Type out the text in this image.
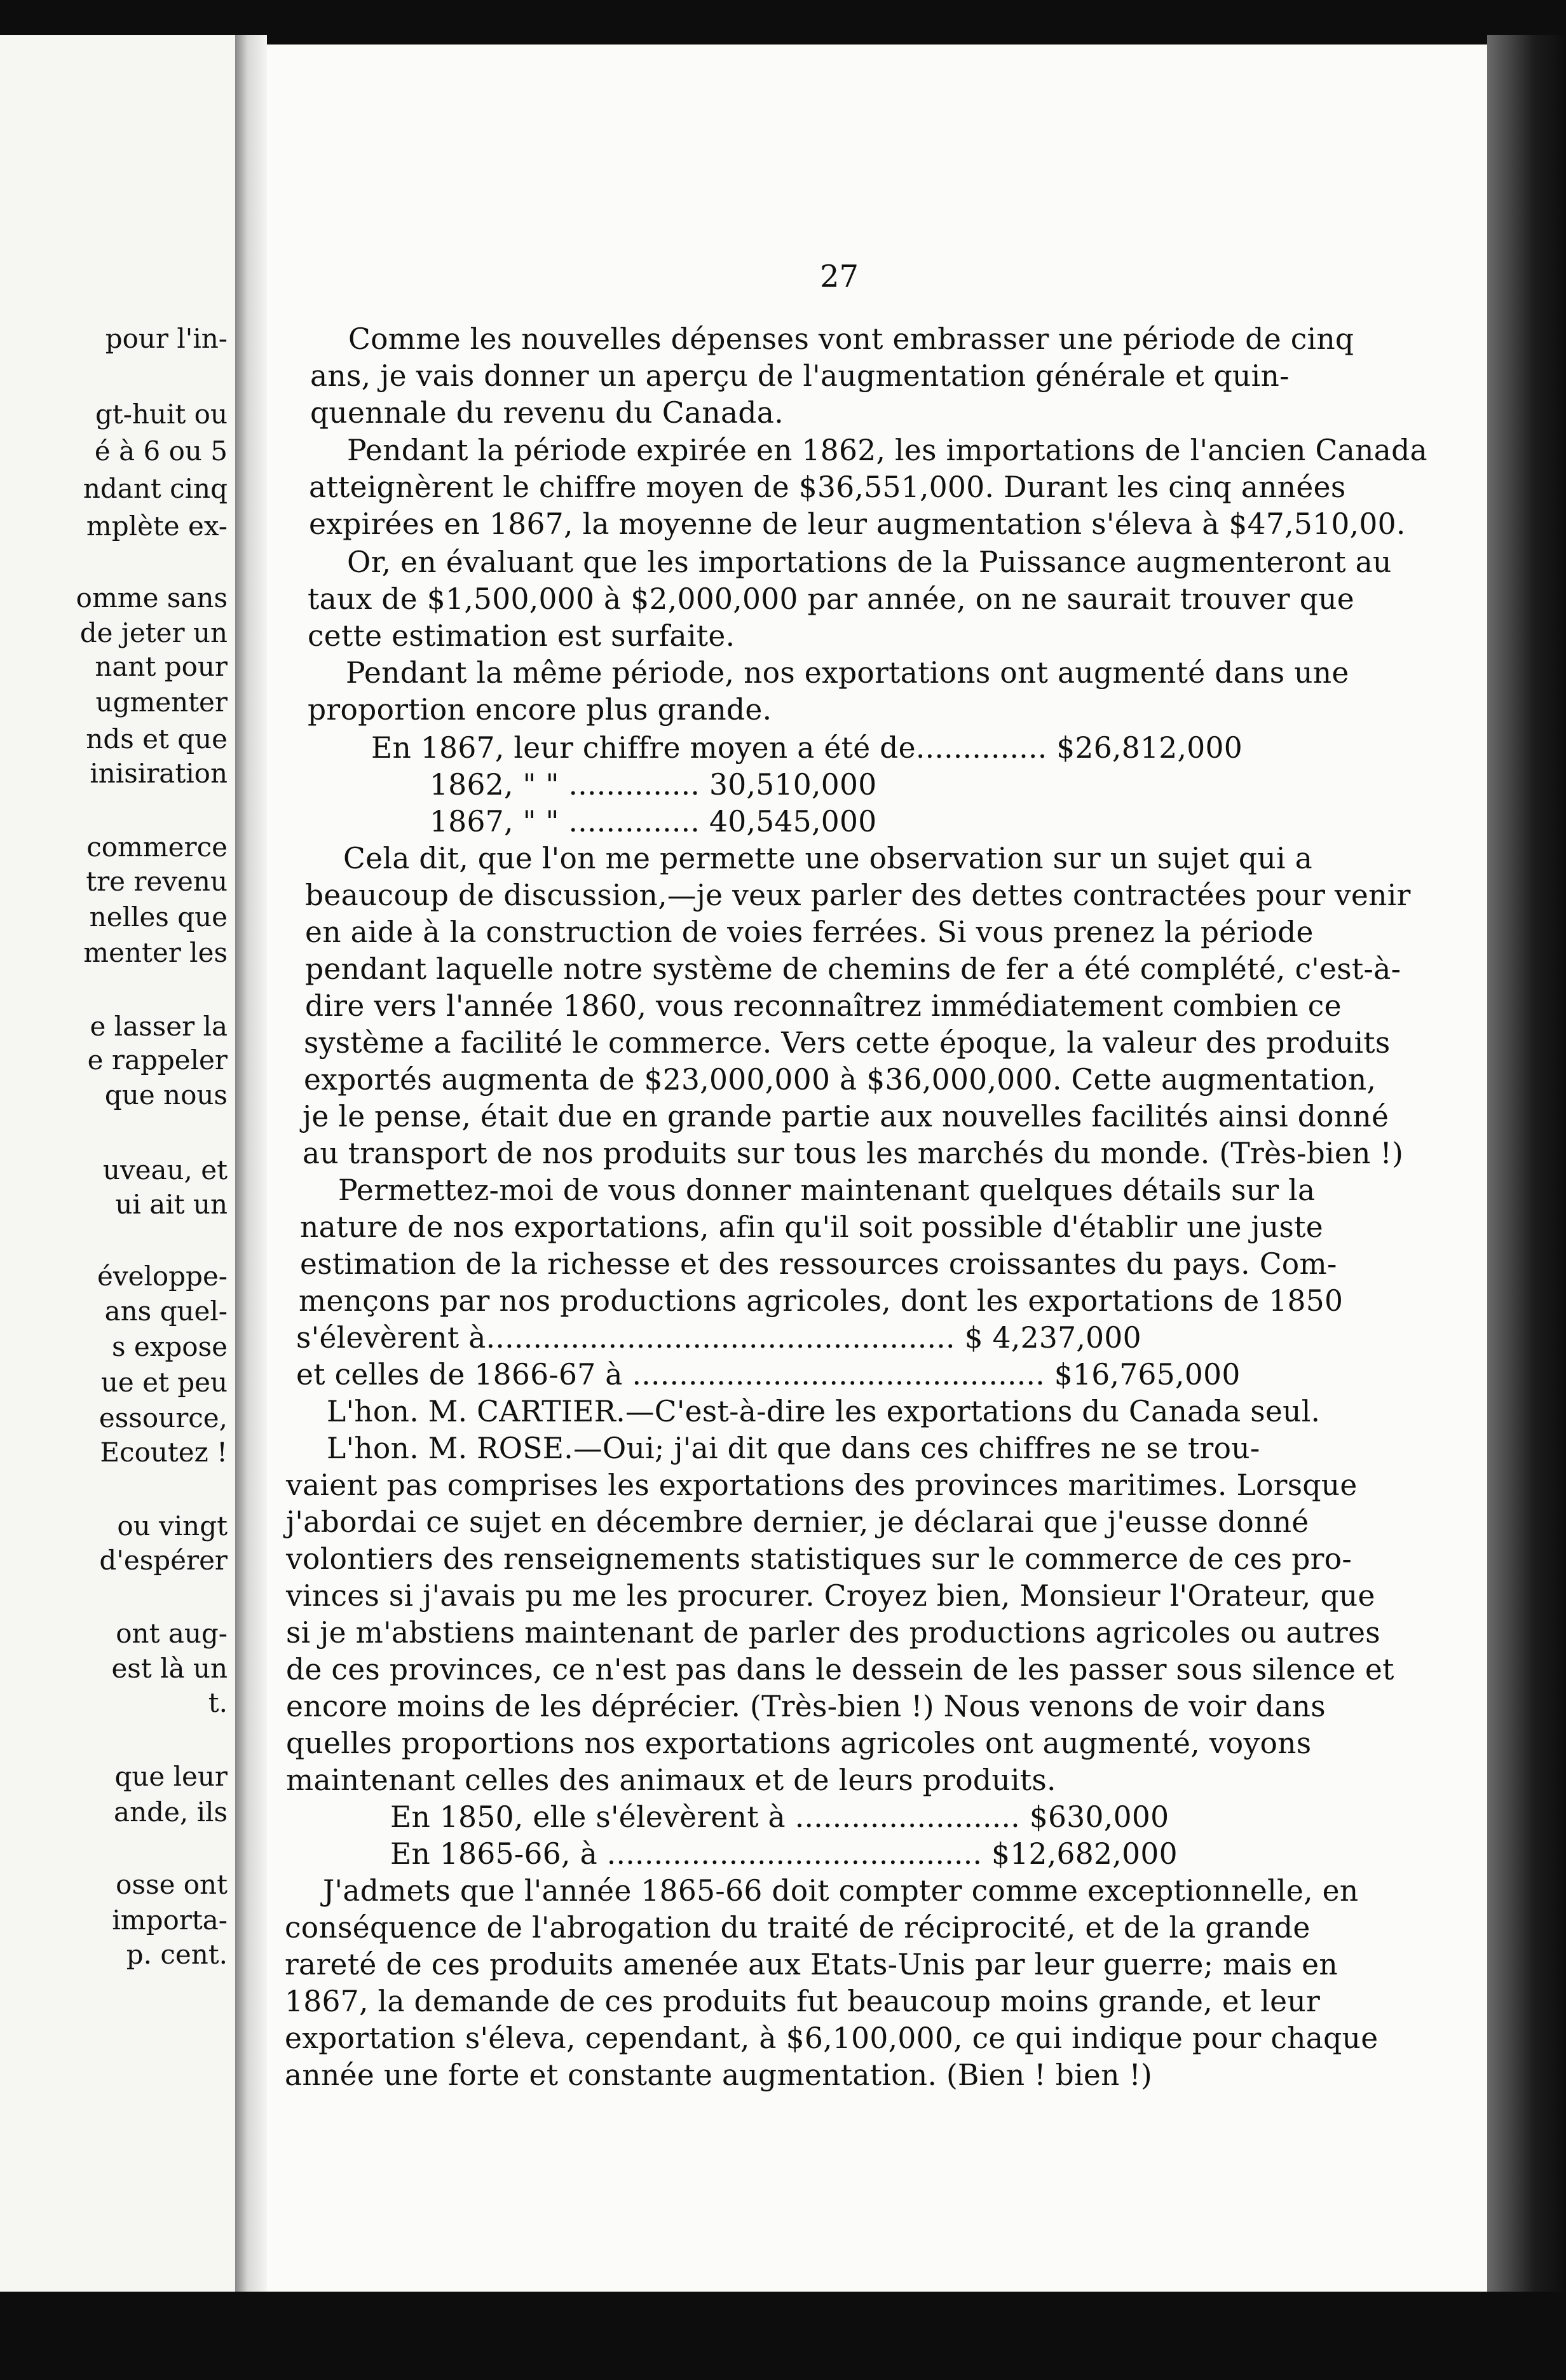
pour l'in-
gt-huit ou
é à 6 ou 5
ndant cinq
mplète ex-
omme sans
de jeter un
nant pour
ugmenter
nds et que
inisiration
commerce
tre revenu
nelles que
menter les
e lasser la
e rappeler
que nous
uveau, et
ui ait un
éveloppe-
ans quel-
s expose
ue et peu
essource,
Ecoutez !
ou vingt
d'espérer
ont aug-
est là un
t.
que leur
ande, ils
osse ont
importa-
p. cent.
27
Comme les nouvelles dépenses vont embrasser une période de cinq
ans, je vais donner un aperçu de l'augmentation générale et quin-
quennale du revenu du Canada.
Pendant la période expirée en 1862, les importations de l'ancien Canada
atteignèrent le chiffre moyen de $36,551,000. Durant les cinq années
expirées en 1867, la moyenne de leur augmentation s'éleva à $47,510,00.
Or, en évaluant que les importations de la Puissance augmenteront au
taux de $1,500,000 à $2,000,000 par année, on ne saurait trouver que
cette estimation est surfaite.
Pendant la même période, nos exportations ont augmenté dans une
proportion encore plus grande.
En 1867, leur chiffre moyen a été de.............. $26,812,000
1862, " " .............. 30,510,000
1867, " " .............. 40,545,000
Cela dit, que l'on me permette une observation sur un sujet qui a
beaucoup de discussion,—je veux parler des dettes contractées pour venir
en aide à la construction de voies ferrées. Si vous prenez la période
pendant laquelle notre système de chemins de fer a été complété, c'est-à-
dire vers l'année 1860, vous reconnaîtrez immédiatement combien ce
système a facilité le commerce. Vers cette époque, la valeur des produits
exportés augmenta de $23,000,000 à $36,000,000. Cette augmentation,
je le pense, était due en grande partie aux nouvelles facilités ainsi donné
au transport de nos produits sur tous les marchés du monde. (Très-bien !)
Permettez-moi de vous donner maintenant quelques détails sur la
nature de nos exportations, afin qu'il soit possible d'établir une juste
estimation de la richesse et des ressources croissantes du pays. Com-
mençons par nos productions agricoles, dont les exportations de 1850
s'élevèrent à.................................................. $ 4,237,000
et celles de 1866-67 à ............................................ $16,765,000
L'hon. M. CARTIER.—C'est-à-dire les exportations du Canada seul.
L'hon. M. ROSE.—Oui; j'ai dit que dans ces chiffres ne se trou-
vaient pas comprises les exportations des provinces maritimes. Lorsque
j'abordai ce sujet en décembre dernier, je déclarai que j'eusse donné
volontiers des renseignements statistiques sur le commerce de ces pro-
vinces si j'avais pu me les procurer. Croyez bien, Monsieur l'Orateur, que
si je m'abstiens maintenant de parler des productions agricoles ou autres
de ces provinces, ce n'est pas dans le dessein de les passer sous silence et
encore moins de les déprécier. (Très-bien !) Nous venons de voir dans
quelles proportions nos exportations agricoles ont augmenté, voyons
maintenant celles des animaux et de leurs produits.
En 1850, elle s'élevèrent à ........................ $630,000
En 1865-66, à ........................................ $12,682,000
J'admets que l'année 1865-66 doit compter comme exceptionnelle, en
conséquence de l'abrogation du traité de réciprocité, et de la grande
rareté de ces produits amenée aux Etats-Unis par leur guerre; mais en
1867, la demande de ces produits fut beaucoup moins grande, et leur
exportation s'éleva, cependant, à $6,100,000, ce qui indique pour chaque
année une forte et constante augmentation. (Bien ! bien !)
